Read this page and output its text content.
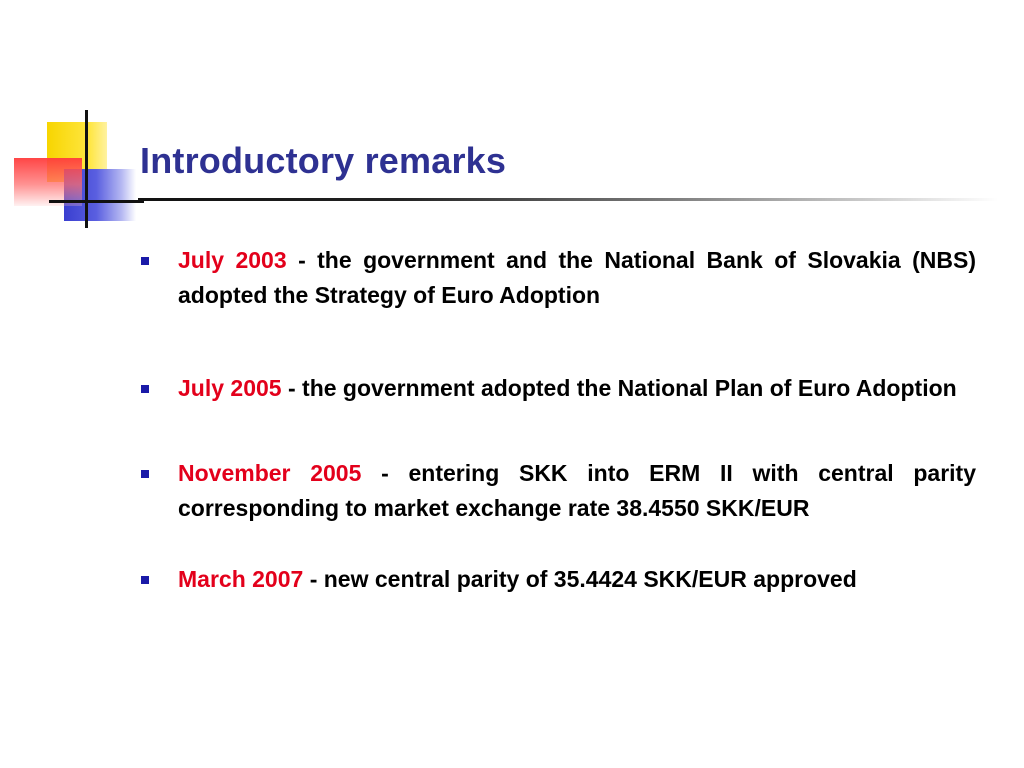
Introductory remarks
July 2003 - the government and the National Bank of Slovakia (NBS) adopted the Strategy of Euro Adoption
July 2005 - the government adopted the National Plan of Euro Adoption
November 2005 - entering SKK into ERM II with central parity corresponding to market exchange rate 38.4550 SKK/EUR
March 2007 - new central parity of 35.4424 SKK/EUR approved
